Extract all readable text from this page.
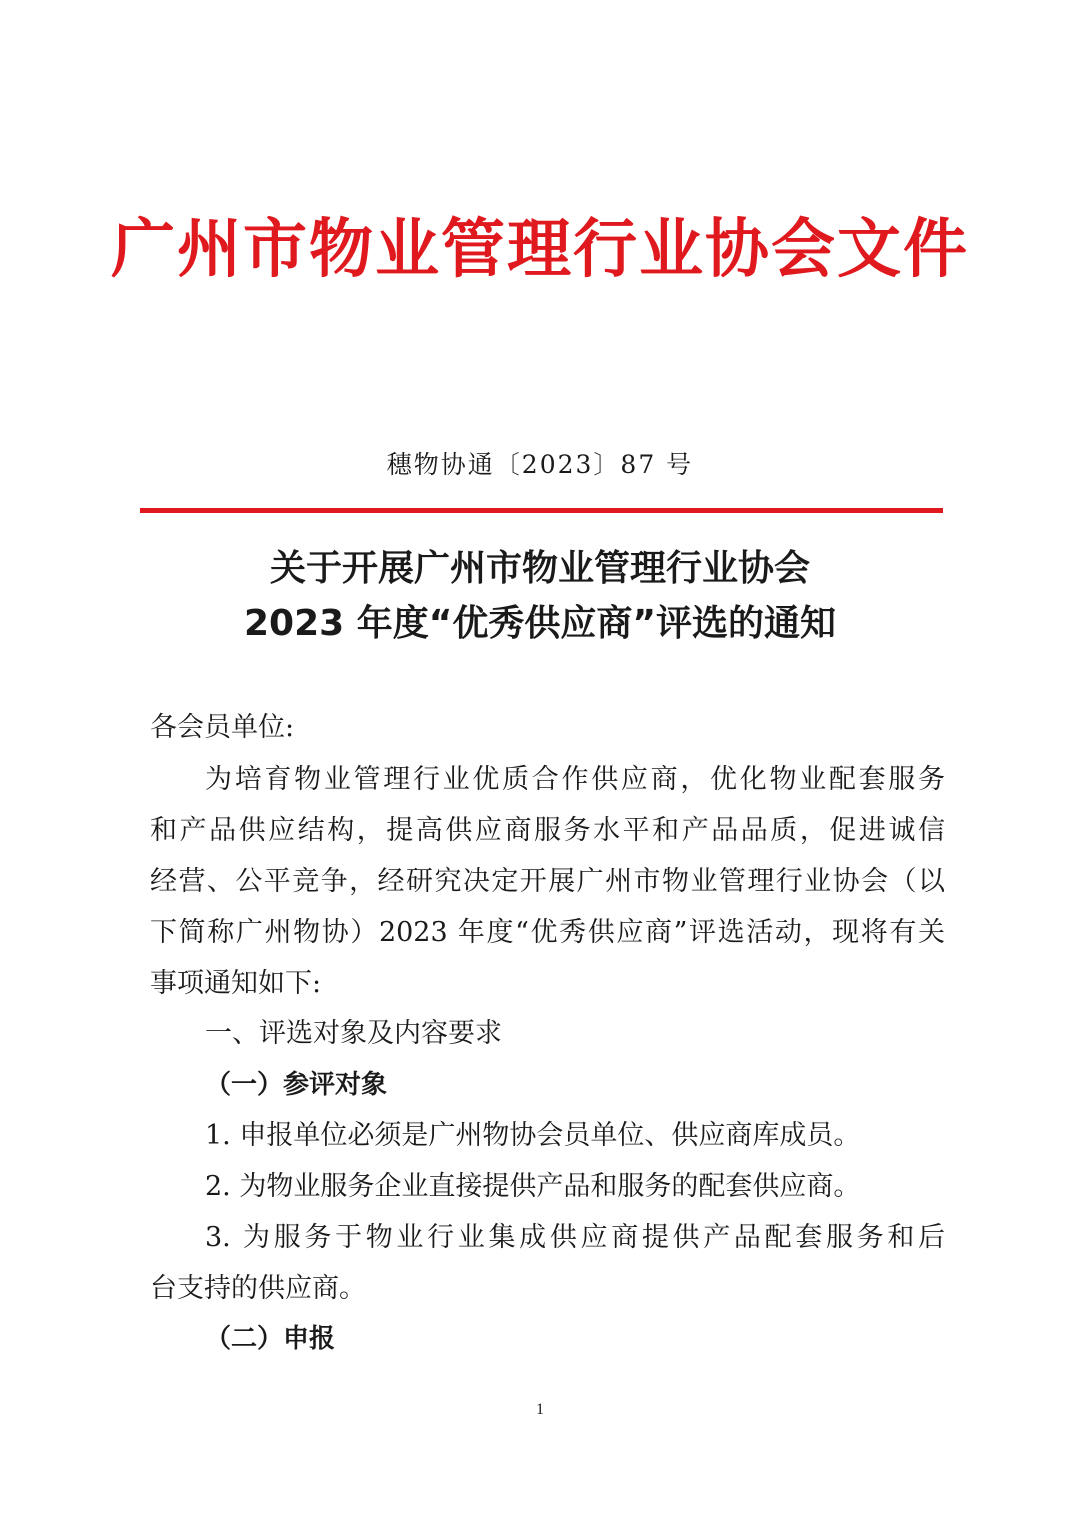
广州市物业管理行业协会文件
穗物协通〔2023〕87 号
关于开展广州市物业管理行业协会
2023 年度“优秀供应商”评选的通知
各会员单位:
为培育物业管理行业优质合作供应商，优化物业配套服务
和产品供应结构，提高供应商服务水平和产品品质，促进诚信
经营、公平竞争，经研究决定开展广州市物业管理行业协会（以
下简称广州物协）2023 年度“优秀供应商”评选活动，现将有关
事项通知如下:
一、评选对象及内容要求
（一）参评对象
1. 申报单位必须是广州物协会员单位、供应商库成员。
2. 为物业服务企业直接提供产品和服务的配套供应商。
3. 为服务于物业行业集成供应商提供产品配套服务和后
台支持的供应商。
（二）申报
1
